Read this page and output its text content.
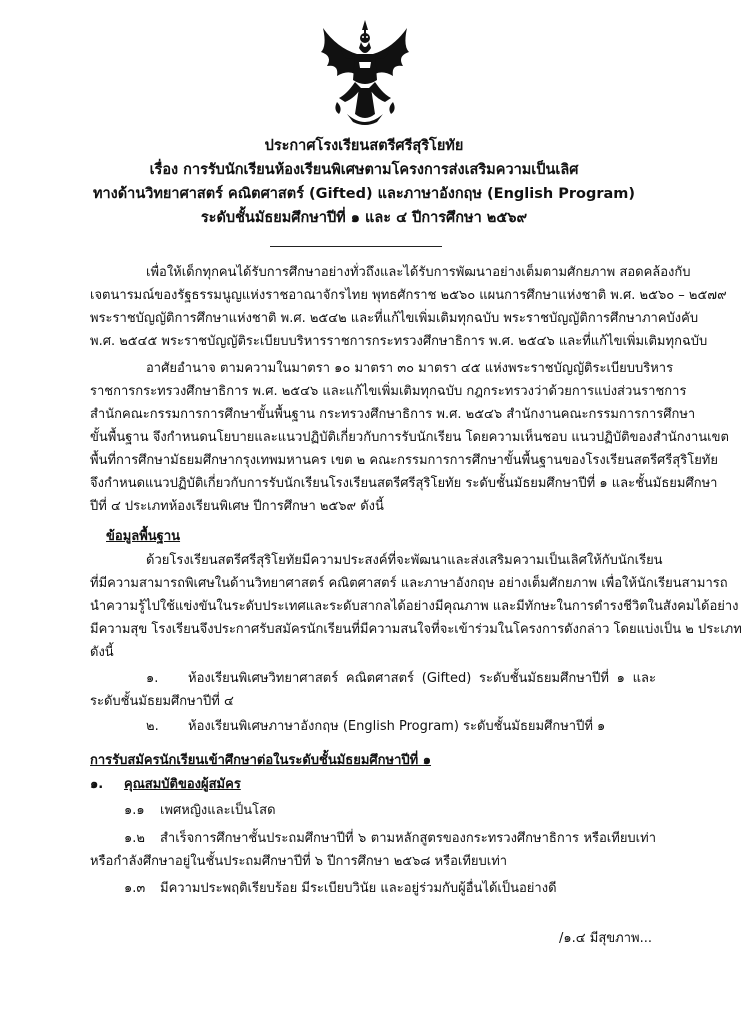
ประกาศโรงเรียนสตรีศรีสุริโยทัย
เรื่อง การรับนักเรียนห้องเรียนพิเศษตามโครงการส่งเสริมความเป็นเลิศ
ทางด้านวิทยาศาสตร์ คณิตศาสตร์ (Gifted) และภาษาอังกฤษ (English Program)
ระดับชั้นมัธยมศึกษาปีที่ ๑ และ ๔ ปีการศึกษา ๒๕๖๙
เพื่อให้เด็กทุกคนได้รับการศึกษาอย่างทั่วถึงและได้รับการพัฒนาอย่างเต็มตามศักยภาพ สอดคล้องกับ
เจตนารมณ์ของรัฐธรรมนูญแห่งราชอาณาจักรไทย พุทธศักราช ๒๕๖๐ แผนการศึกษาแห่งชาติ พ.ศ. ๒๕๖๐ – ๒๕๗๙
พระราชบัญญัติการศึกษาแห่งชาติ พ.ศ. ๒๕๔๒ และที่แก้ไขเพิ่มเติมทุกฉบับ พระราชบัญญัติการศึกษาภาคบังคับ
พ.ศ. ๒๕๔๕ พระราชบัญญัติระเบียบบริหารราชการกระทรวงศึกษาธิการ พ.ศ. ๒๕๔๖ และที่แก้ไขเพิ่มเติมทุกฉบับ
อาศัยอำนาจ ตามความในมาตรา ๑๐ มาตรา ๓๐ มาตรา ๔๕ แห่งพระราชบัญญัติระเบียบบริหาร
ราชการกระทรวงศึกษาธิการ พ.ศ. ๒๕๔๖ และแก้ไขเพิ่มเติมทุกฉบับ กฎกระทรวงว่าด้วยการแบ่งส่วนราชการ
สำนักคณะกรรมการการศึกษาขั้นพื้นฐาน กระทรวงศึกษาธิการ พ.ศ. ๒๕๔๖ สำนักงานคณะกรรมการการศึกษา
ขั้นพื้นฐาน จึงกำหนดนโยบายและแนวปฏิบัติเกี่ยวกับการรับนักเรียน โดยความเห็นชอบ แนวปฏิบัติของสำนักงานเขต
พื้นที่การศึกษามัธยมศึกษากรุงเทพมหานคร เขต ๒ คณะกรรมการการศึกษาขั้นพื้นฐานของโรงเรียนสตรีศรีสุริโยทัย
จึงกำหนดแนวปฏิบัติเกี่ยวกับการรับนักเรียนโรงเรียนสตรีศรีสุริโยทัย ระดับชั้นมัธยมศึกษาปีที่ ๑ และชั้นมัธยมศึกษา
ปีที่ ๔ ประเภทห้องเรียนพิเศษ ปีการศึกษา ๒๕๖๙ ดังนี้
ข้อมูลพื้นฐาน
ด้วยโรงเรียนสตรีศรีสุริโยทัยมีความประสงค์ที่จะพัฒนาและส่งเสริมความเป็นเลิศให้กับนักเรียน
ที่มีความสามารถพิเศษในด้านวิทยาศาสตร์ คณิตศาสตร์ และภาษาอังกฤษ อย่างเต็มศักยภาพ เพื่อให้นักเรียนสามารถ
นำความรู้ไปใช้แข่งขันในระดับประเทศและระดับสากลได้อย่างมีคุณภาพ และมีทักษะในการดำรงชีวิตในสังคมได้อย่าง
มีความสุข โรงเรียนจึงประกาศรับสมัครนักเรียนที่มีความสนใจที่จะเข้าร่วมในโครงการดังกล่าว โดยแบ่งเป็น ๒ ประเภท
ดังนี้
๑. ห้องเรียนพิเศษวิทยาศาสตร์ คณิตศาสตร์ (Gifted) ระดับชั้นมัธยมศึกษาปีที่ ๑ และ
ระดับชั้นมัธยมศึกษาปีที่ ๔
๒. ห้องเรียนพิเศษภาษาอังกฤษ (English Program) ระดับชั้นมัธยมศึกษาปีที่ ๑
การรับสมัครนักเรียนเข้าศึกษาต่อในระดับชั้นมัธยมศึกษาปีที่ ๑
๑. คุณสมบัติของผู้สมัคร
๑.๑ เพศหญิงและเป็นโสด
๑.๒ สำเร็จการศึกษาชั้นประถมศึกษาปีที่ ๖ ตามหลักสูตรของกระทรวงศึกษาธิการ หรือเทียบเท่า
หรือกำลังศึกษาอยู่ในชั้นประถมศึกษาปีที่ ๖ ปีการศึกษา ๒๕๖๘ หรือเทียบเท่า
๑.๓ มีความประพฤติเรียบร้อย มีระเบียบวินัย และอยู่ร่วมกับผู้อื่นได้เป็นอย่างดี
/๑.๔ มีสุขภาพ...
